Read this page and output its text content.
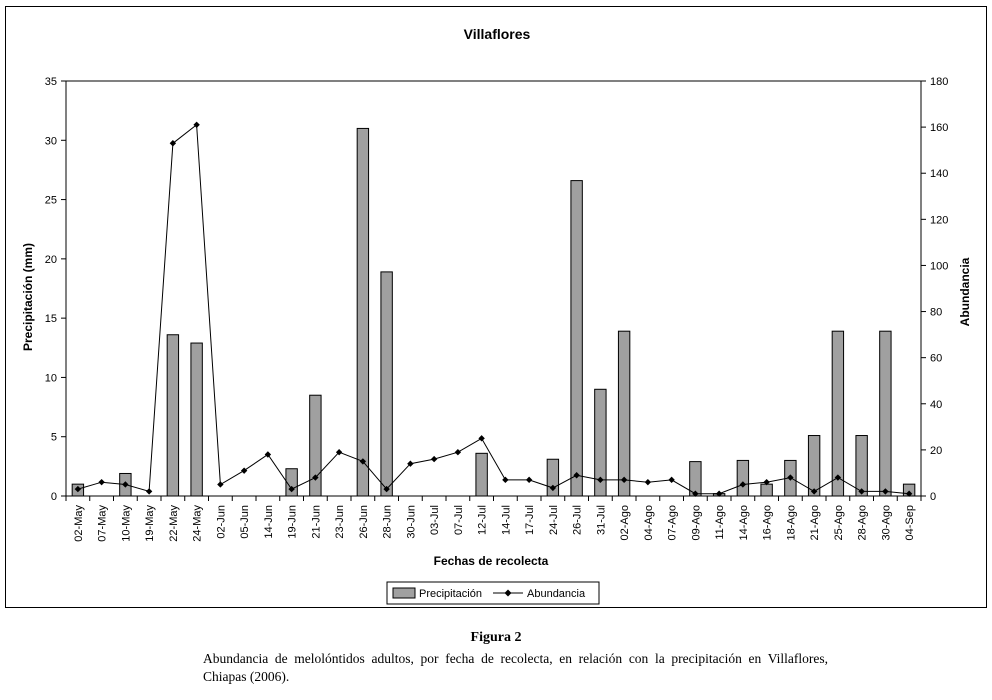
Villaflores
0
5
10
15
20
25
30
35
0
20
40
60
80
100
120
140
160
180
02-May 07-May 10-May 19-May 22-May 24-May 02-Jun 05-Jun 14-Jun 19-Jun 21-Jun 23-Jun 26-Jun 28-Jun 30-Jun 03-Jul 07-Jul 12-Jul 14-Jul 17-Jul 24-Jul 26-Jul 31-Jul 02-Ago 04-Ago 07-Ago 09-Ago 11-Ago 14-Ago 16-Ago 18-Ago 21-Ago 25-Ago 28-Ago 30-Ago 04-Sep
Fechas de recolecta
Precipitación (mm)	Abundancia
Precipitación	Abundancia
Figura 2
Abundancia de melolóntidos adultos, por fecha de recolecta, en relación con la precipitación en Villaflores, Chiapas (2006).
